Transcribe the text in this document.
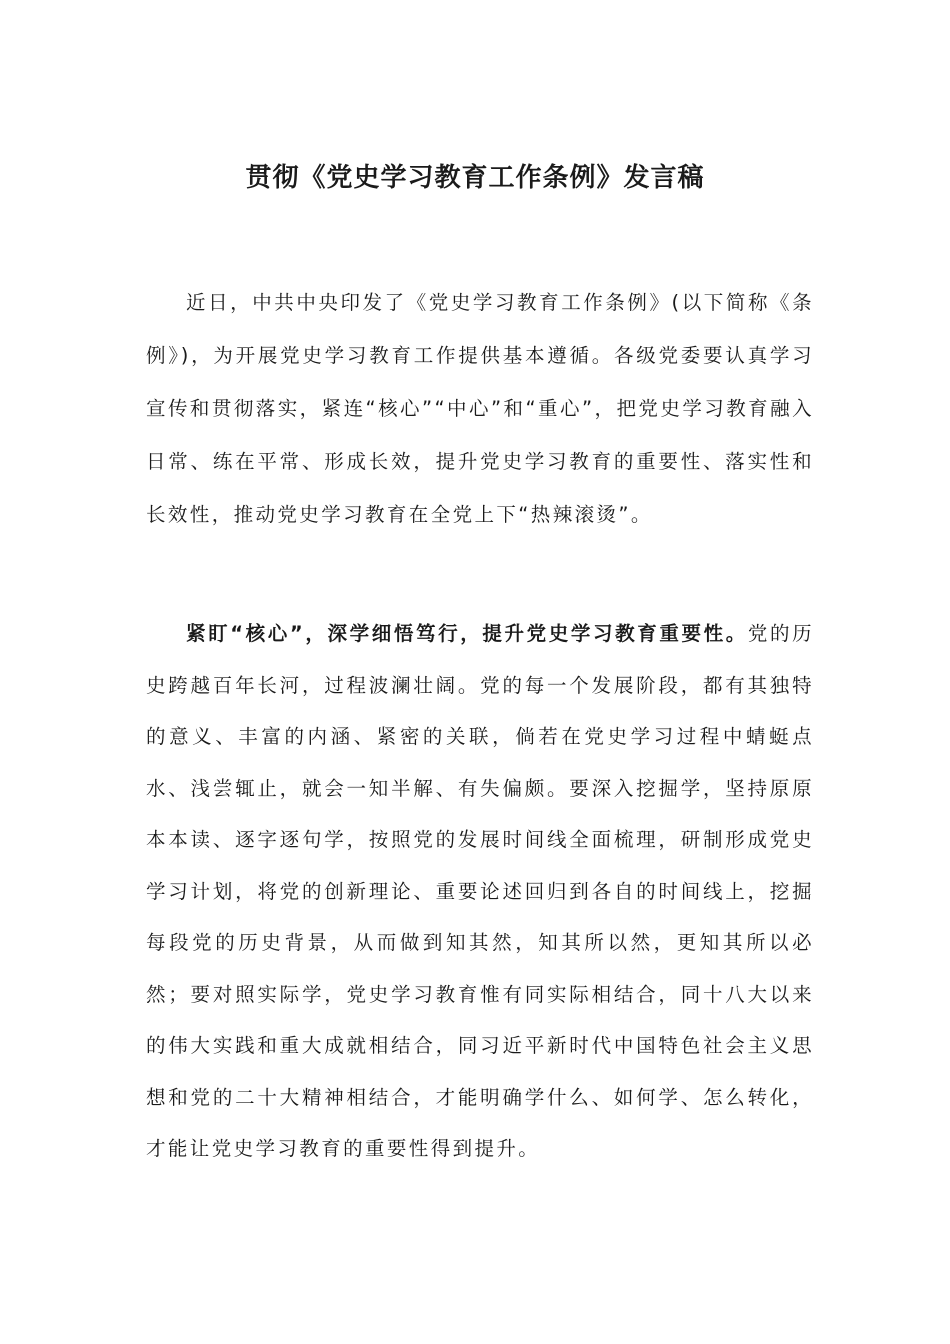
贯彻《党史学习教育工作条例》发言稿

近日，中共中央印发了《党史学习教育工作条例》(以下简称《条例》)，为开展党史学习教育工作提供基本遵循。各级党委要认真学习宣传和贯彻落实，紧连“核心”“中心”和“重心”，把党史学习教育融入日常、练在平常、形成长效，提升党史学习教育的重要性、落实性和长效性，推动党史学习教育在全党上下“热辣滚烫”。

紧盯“核心”，深学细悟笃行，提升党史学习教育重要性。党的历史跨越百年长河，过程波澜壮阔。党的每一个发展阶段，都有其独特的意义、丰富的内涵、紧密的关联，倘若在党史学习过程中蜻蜓点水、浅尝辄止，就会一知半解、有失偏颇。要深入挖掘学，坚持原原本本读、逐字逐句学，按照党的发展时间线全面梳理，研制形成党史学习计划，将党的创新理论、重要论述回归到各自的时间线上，挖掘每段党的历史背景，从而做到知其然，知其所以然，更知其所以必然；要对照实际学，党史学习教育惟有同实际相结合，同十八大以来的伟大实践和重大成就相结合，同习近平新时代中国特色社会主义思想和党的二十大精神相结合，才能明确学什么、如何学、怎么转化，才能让党史学习教育的重要性得到提升。
